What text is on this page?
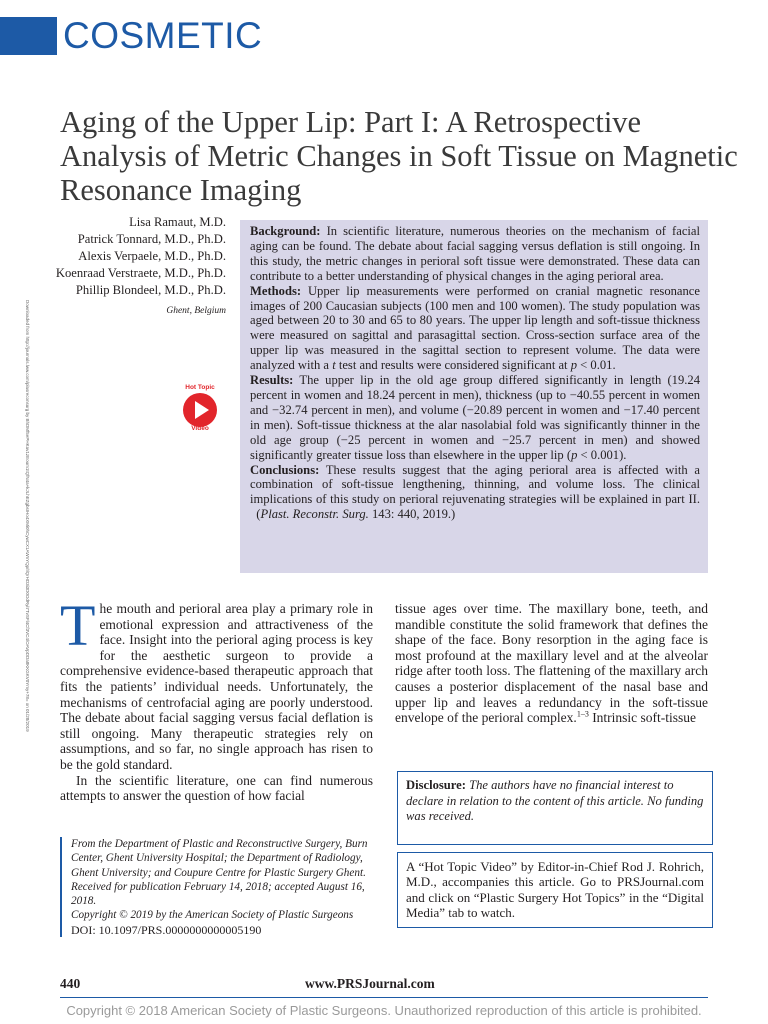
COSMETIC
Aging of the Upper Lip: Part I: A Retrospective Analysis of Metric Changes in Soft Tissue on Magnetic Resonance Imaging
Lisa Ramaut, M.D.
Patrick Tonnard, M.D., Ph.D.
Alexis Verpaele, M.D., Ph.D.
Koenraad Verstraete, M.D., Ph.D.
Phillip Blondeel, M.D., Ph.D.
Ghent, Belgium
Hot Topic
Video
Downloaded from http://journals.lww.com/plasreconsurg by BhDMf5ePHKav1zEoum1tQfN4a+kJLhEZgbsIHo4XMi0hCywCX1AWnYQp/IlQrHD3i3D0OdRyi7TvSFl4Cf3VC4/OAVpDDa8KKGKV0Ymy+78= on 01/28/2019
Background: In scientific literature, numerous theories on the mechanism of facial aging can be found. The debate about facial sagging versus deflation is still ongoing. In this study, the metric changes in perioral soft tissue were demonstrated. These data can contribute to a better understanding of physical changes in the aging perioral area.
Methods: Upper lip measurements were performed on cranial magnetic resonance images of 200 Caucasian subjects (100 men and 100 women). The study population was aged between 20 to 30 and 65 to 80 years. The upper lip length and soft-tissue thickness were measured on sagittal and parasagittal section. Cross-section surface area of the upper lip was measured in the sagittal section to represent volume. The data were analyzed with a t test and results were considered significant at p < 0.01.
Results: The upper lip in the old age group differed significantly in length (19.24 percent in women and 18.24 percent in men), thickness (up to −40.55 percent in women and −32.74 percent in men), and volume (−20.89 percent in women and −17.40 percent in men). Soft-tissue thickness at the alar nasolabial fold was significantly thinner in the old age group (−25 percent in women and −25.7 percent in men) and showed significantly greater tissue loss than elsewhere in the upper lip (p < 0.001).
Conclusions: These results suggest that the aging perioral area is affected with a combination of soft-tissue lengthening, thinning, and volume loss. The clinical implications of this study on perioral rejuvenating strategies will be explained in part II.   (Plast. Reconstr. Surg. 143: 440, 2019.)
The mouth and perioral area play a primary role in emotional expression and attractiveness of the face. Insight into the perioral aging process is key for the aesthetic surgeon to provide a comprehensive evidence-based therapeutic approach that fits the patients’ individual needs. Unfortunately, the mechanisms of centrofacial aging are poorly understood. The debate about facial sagging versus facial deflation is still ongoing. Many therapeutic strategies rely on assumptions, and so far, no single approach has risen to be the gold standard.
In the scientific literature, one can find numerous attempts to answer the question of how facial
tissue ages over time. The maxillary bone, teeth, and mandible constitute the solid framework that defines the shape of the face. Bony resorption in the aging face is most profound at the maxillary level and at the alveolar ridge after tooth loss. The flattening of the maxillary arch causes a posterior displacement of the nasal base and upper lip and leaves a redundancy in the soft-tissue envelope of the perioral complex.$^{1-3}$ Intrinsic soft-tissue
From the Department of Plastic and Reconstructive Surgery, Burn Center, Ghent University Hospital; the Department of Radiology, Ghent University; and Coupure Centre for Plastic Surgery Ghent.
Received for publication February 14, 2018; accepted August 16, 2018.
Copyright © 2019 by the American Society of Plastic Surgeons
DOI: 10.1097/PRS.0000000000005190
Disclosure: The authors have no financial interest to declare in relation to the content of this article. No funding was received.
A “Hot Topic Video” by Editor-in-Chief Rod J. Rohrich, M.D., accompanies this article. Go to PRSJournal.com and click on “Plastic Surgery Hot Topics” in the “Digital Media” tab to watch.
440	www.PRSJournal.com
Copyright © 2018 American Society of Plastic Surgeons. Unauthorized reproduction of this article is prohibited.
